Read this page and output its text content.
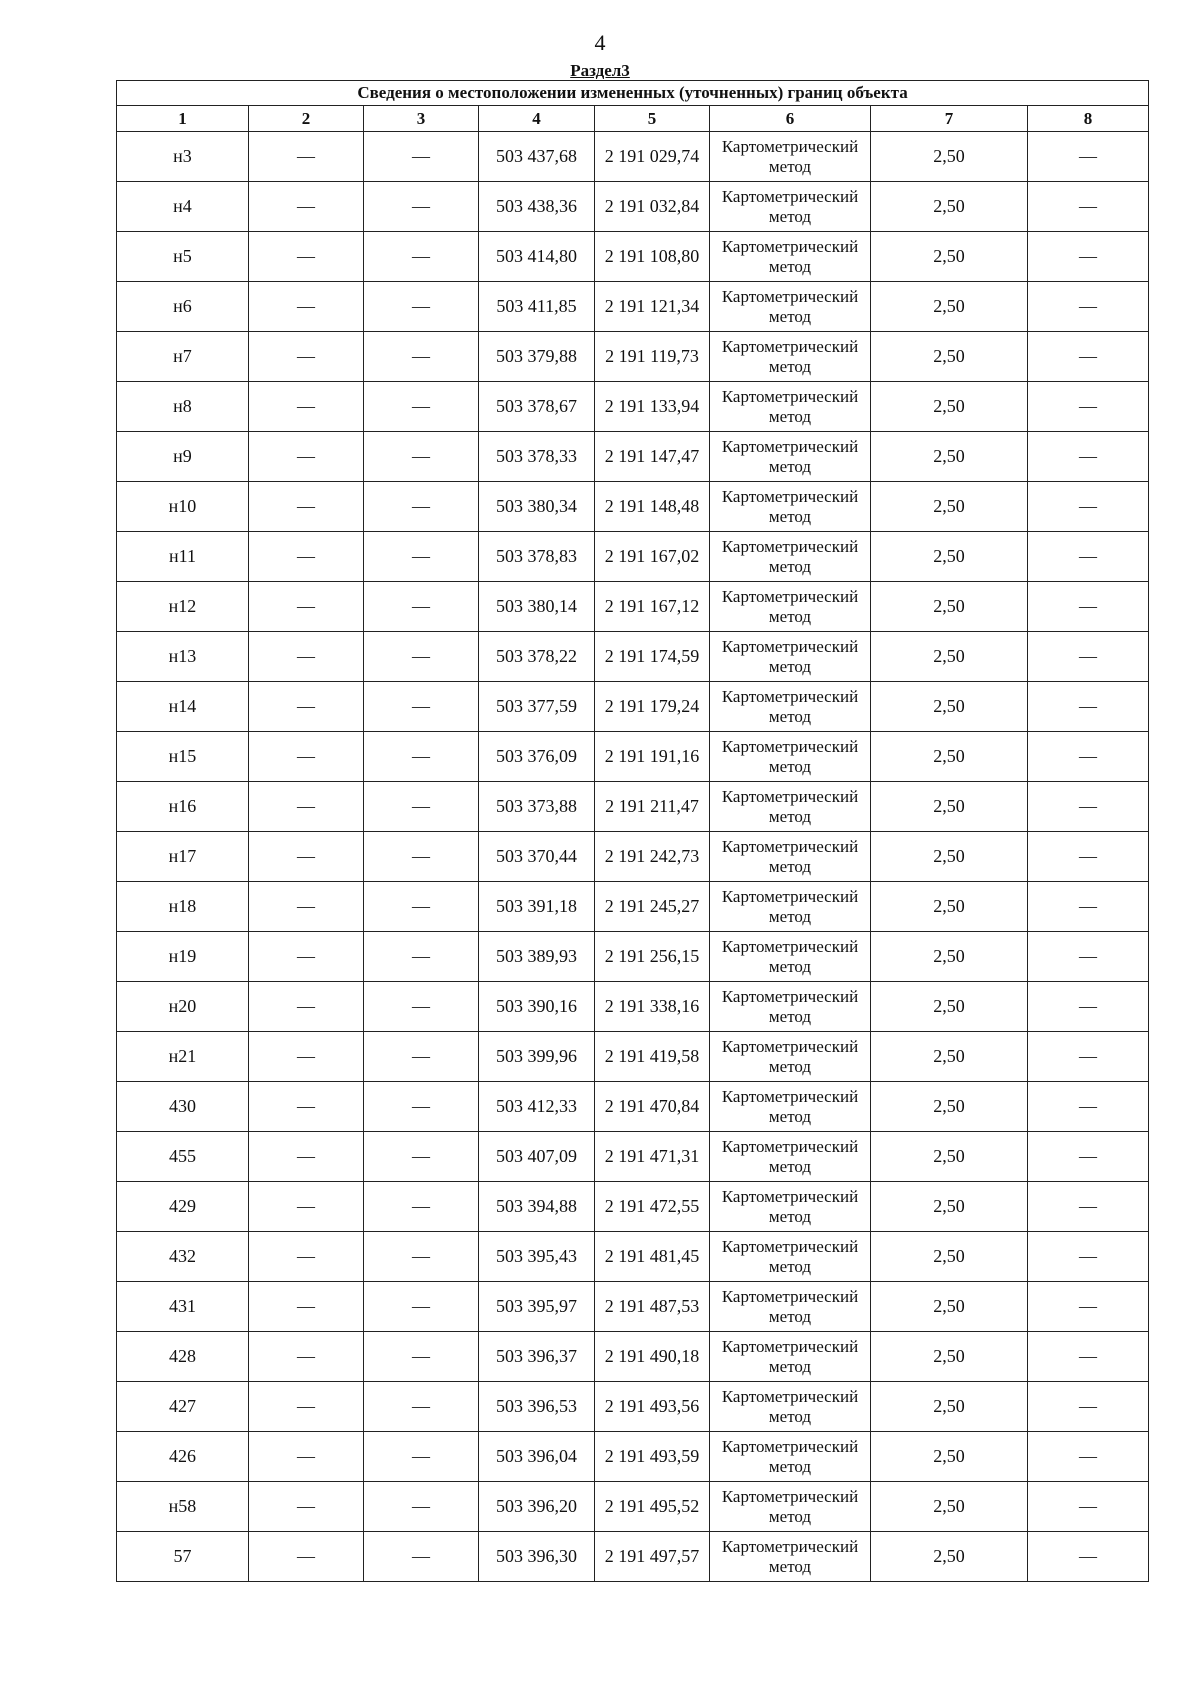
4
Раздел3
Сведения о местоположении измененных (уточненных) границ объекта							
1	2	3	4	5	6	7	8
н3	—	—	503 437,68	2 191 029,74	Картометрический метод	2,50	—
н4	—	—	503 438,36	2 191 032,84	Картометрический метод	2,50	—
н5	—	—	503 414,80	2 191 108,80	Картометрический метод	2,50	—
н6	—	—	503 411,85	2 191 121,34	Картометрический метод	2,50	—
н7	—	—	503 379,88	2 191 119,73	Картометрический метод	2,50	—
н8	—	—	503 378,67	2 191 133,94	Картометрический метод	2,50	—
н9	—	—	503 378,33	2 191 147,47	Картометрический метод	2,50	—
н10	—	—	503 380,34	2 191 148,48	Картометрический метод	2,50	—
н11	—	—	503 378,83	2 191 167,02	Картометрический метод	2,50	—
н12	—	—	503 380,14	2 191 167,12	Картометрический метод	2,50	—
н13	—	—	503 378,22	2 191 174,59	Картометрический метод	2,50	—
н14	—	—	503 377,59	2 191 179,24	Картометрический метод	2,50	—
н15	—	—	503 376,09	2 191 191,16	Картометрический метод	2,50	—
н16	—	—	503 373,88	2 191 211,47	Картометрический метод	2,50	—
н17	—	—	503 370,44	2 191 242,73	Картометрический метод	2,50	—
н18	—	—	503 391,18	2 191 245,27	Картометрический метод	2,50	—
н19	—	—	503 389,93	2 191 256,15	Картометрический метод	2,50	—
н20	—	—	503 390,16	2 191 338,16	Картометрический метод	2,50	—
н21	—	—	503 399,96	2 191 419,58	Картометрический метод	2,50	—
430	—	—	503 412,33	2 191 470,84	Картометрический метод	2,50	—
455	—	—	503 407,09	2 191 471,31	Картометрический метод	2,50	—
429	—	—	503 394,88	2 191 472,55	Картометрический метод	2,50	—
432	—	—	503 395,43	2 191 481,45	Картометрический метод	2,50	—
431	—	—	503 395,97	2 191 487,53	Картометрический метод	2,50	—
428	—	—	503 396,37	2 191 490,18	Картометрический метод	2,50	—
427	—	—	503 396,53	2 191 493,56	Картометрический метод	2,50	—
426	—	—	503 396,04	2 191 493,59	Картометрический метод	2,50	—
н58	—	—	503 396,20	2 191 495,52	Картометрический метод	2,50	—
57	—	—	503 396,30	2 191 497,57	Картометрический метод	2,50	—
